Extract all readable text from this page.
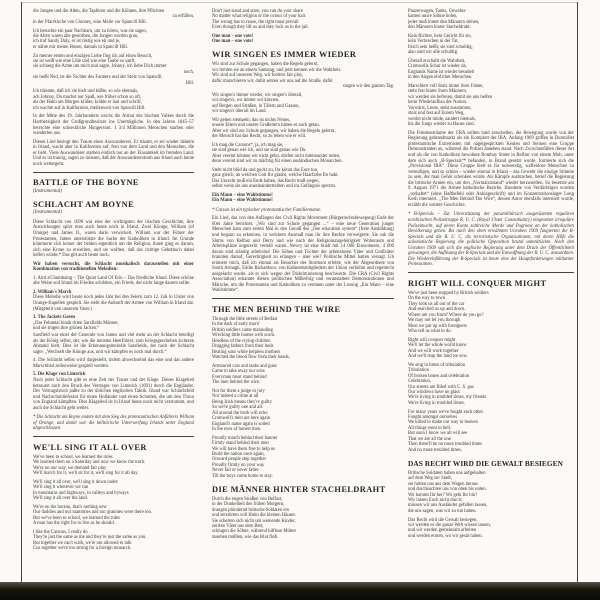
die Jungen und die Alten, die Tapferen und die Kühnen, ihre Pflichten
zu erfüllen,
in der Pfarrkirche von Clooney, eine Meile vor Spancill Hill.
Ich besuchte ein paar Nachbarn, um zu hören, was sie sagen,
die Alten waren alle gestorben, die Jungen wurden grau,
ich traf Sandy Daly, er ist rüstig wie eh und je,
er nähte mir meine Hosen, damals in Spancill Hill.
Zu meiner ersten und einzigen Liebe flog ich auf einen Besuch,
sie ist weiß wie eine Lilie und wie eine Taube so sanft,
sie schlang die Arme um mich und sagte, Johnny, ich liebe Dich immer
noch,
sie heißt Ned, ist die Tochter des Farmers und der Stolz von Spancill
Hill.
Ich träumte, daß ich sie hielt und küßte, so wie ehemals,
ach Johnny, Du machst nur Spaß, wie früher schon so oft,
als der Hahn am Morgen krähte, krähte er laut und schrill,
ich wachte auf in Kalifornien, meilenweit von Spancill Hill.
In der Mitte des 19. Jahrhunderts wuchs die Armut des irischen Volkes durch die Hartherzigkeit der Großgrundbesitzer ins Unerträgliche. In den Jahren 1845–57 herrschte eine schreckliche Hungersnot. 1 3/4 Millionen Menschen starben oder wanderten aus.
Dieses Lied besingt den Traum eines Auswanderers. Er träumt, er sei wieder daheim in Irland, wacht aber in Kalifornien auf, fern von dem Land und den Menschen, die er liebt. Viele Auswanderer starben einfach nur an der Einsamkeit im fremden Land. Und es ist traurig, sagen zu müssen, daß der Auswandererstrom aus Irland auch heute noch weitergeht.
BATTLE OF THE BOYNE
(Instrumental)
SCHLACHT AM BOYNE
(Instrumental)
Diese Schlacht von 1690 war eine der wichtigsten der irischen Geschichte, ihre Auswirkungen spürt man auch heute noch in Irland. Zwei Könige, William (of Orange) und James II., waren darin verwickelt. William war der Führer der Protestanten, James unterstützte die Sache der Katholiken in Irland. Im Grunde kümmerte sich keiner der beiden eigentlich um die Religion, ihnen ging es darum, sich eine Krone zu erwerben, und sie wollten, daß das richtige Gebetbuch dabei helfen würde.* Das gilt auch heute noch.
Wir haben versucht, die Schlacht musikalisch darzustellen mit einer Kombination von traditionellen Melodien:
1. Aird a'Chumhaing – The Quiet Land Of Erin – Das friedliche Irland. Diese schöne alte Weise soll Irland im Frieden schildern, ein Friede, der nicht lange dauern sollte.
2. William's March
Diese Melodie wird heute noch jedes Jahr bei den Feiern zum 12. Juli in Ulster von Orange-Kapellen gespielt. Sie stellt die Ankunft der Armee von William in Irland dar. (Mitgeteilt von unserem Vater.)
3. The Jackets Green
„Das Fehnetal hinab ritten Sarsfields Männer,
und sie trugen ihre grünen Jacken.“
Sarsfield war einer der Generale von James und viel mehr an der Schlacht beteiligt als der König selbst, der, wie die meisten Heerführer, zum Kriegsgeschehen sicheren Abstand hielt. Dies ist die Erkennungsmelodie Sarsfields, der nach der Schlacht sagte: „Wechselt die Könige aus, und wir kämpfen es noch mal durch.“
4. Die Schlacht selbst wird dargestellt, indem abwechselnd das eine und das andere Marschlied zeilenweise gespielt werden.
5. Die Klage von Limerick
Nach jeder Schlacht gibt es eine Zeit der Trauer und der Klage. Dieses Klagelied betrauert auch den Bruch des Vertrages von Limerick (1691) durch die Engländer. Der Vertragsbruch paßte zu der üblichen englischen Taktik. Irland war Schlachtfeld und Nachschublieferant für einen Holländer und einen Schotten, die um den Thron von England kämpften. Dies Klagelied ist in Irland heute noch nicht verstummt, und auch die Schlacht geht weiter.
* Die Schlacht am Boyne endete mit dem Sieg des protestantischen Anführers William of Orange, und damit war die militärische Unterwerfung Irlands unter England abgeschlossen.
WE'LL SING IT ALL OVER
We've been to school, we learned the rules
We learned them on a Saturday and now we know the truth.
We're on our way, we demand fair play
We'll march for it, we'll sit for it, we'll sing for it all day.
We'll sing it all over, we'll sing it down under
We'll sing it wherever we can
In mountains and highways, in valleys and byways
We'll sing it all over the land.
We're on the bureau, that's nothing new
Our daddies and our mammies and our grannies were there too.
But we've been to school, we learned the rules
A man has the right for to live as he should.
I like the Carsons, I really do
They're just the same as me and they're just the same as you.
But together we can't walk, we're not allowed to talk
Cos together we're too strong for a foreign monarch.
Don't just stand and stare, you can do your share
No matter what religion or the colour of your hair.
The wrong has to cease, the right must prevail
Even though they lift us and they lock us in the jail.
One man – one vote!
One man – one vote!
WIR SINGEN ES IMMER WIEDER
Wir sind zur Schule gegangen, haben die Regeln gelernt,
wir lernten sie an einem Samstag, und jetzt kennen wir die Wahrheit.
Wir sind auf unserem Weg, wir fordern fair play,
dafür marschieren wir, dafür setzen wir uns auf die Straße, dafür
singen wir den ganzen Tag.
Wir singen's immer wieder, wir singen's überall,
wir singen's, wo immer wir können,
auf Bergen und Straßen, in Tälern und Gassen,
wir singen's überall im Land.
Wir gehen stempeln, das ist nichts Neues,
unsere Eltern und unsere Großeltern haben es auch getan.
Aber wir sind zur Schule gegangen, wir haben die Regeln gelernt,
der Mensch hat das Recht, so zu leben wie er will.
Ich mag die Carsons*, ja, ich mag sie,
sie sind genau wie ich, und sie sind genau wie Du.
Aber vereint können wir nicht gehn, dürfen nicht miteinander reden,
denn vereint sind wir zu mächtig für einen ausländischen Monarchen.
Steht nicht blöd da und guckt zu, Ihr könnt das Eure tun,
ganz gleich, an welchen Gott Ihr glaubt, welche Haarfarbe Ihr habt.
Das Unrecht muß ein Ende haben, das Recht muß siegen,
selbst wenn sie uns auseinandertreiben und ins Gefängnis sperren.
Ein Mann – eine Wahlstimme!
Ein Mann – eine Wahlstimme!
* Carson ist ein typischer protestantischer Familienname.
Ein Lied, das von den Anfängen des Civil Rights Movement (Bürgerrechtsbewegung) Ende der 60er Jahre berichtet. „Wir sind zur Schule gegangen ...“ – eine neue Generation junger Menschen kam zum ersten Mal in den Genuß des „free education system“ (freie Ausbildung) und begann zu erkennen, in welchem Ausmaß man ihr ihre Rechte verweigerte. Sie sah die Slums von Belfast und Derry und wie nach der Religionszugehörigkeit Wohnraum und Arbeitsplätze ungerecht verteilt waren. Newry ist eine Stadt mit 14 000 Einwohnern, 4 000 davon sind ständig arbeitslos! Die Söhne und Töchter der arbeitslosen Väter und Großväter brannten darauf, Gerechtigkeit zu erlangen – aber wie? Politische Mittel hatten versagt. Ich erinnere mich, daß ich einmal als Besucher des Stormont erlebte, wie der Abgeordnete von South Armagh, Eddie Richardson, von Kabinettsmitgliedern der Union verhöhnt und regelrecht ausgelacht wurde, als er sich wegen der Diskriminierung beschwerte. Die CRA (Civil Rights Association) erkannte diesen politischen Mißerfolg und veranstaltete Demonstrationen und Märsche, um die Protestanten und Katholiken zu vereinen unter der Losung „Ein Mann – eine Wahlstimme“.
THE MEN BEHIND THE WIRE
Through the little streets of Belfast
In the dark of early morn'
British soldiers came marauding
Wrecking little homes with scorn.
Heedless of the crying children
Dragging fathers from their beds
Beating sons while helpless mothers
Watched the blood flow from their heads.
Armoured cars and tanks and guns
Came to take away our sons
Everyman must stand behind
The men behind the wire.
Not for them a judge or jury
Nor indeed a crime at all
Being Irish means they're guilty
So we're guilty one and all.
All around the truth will echo
Cromwell's men are here again
England's name again is soiled
In the eyes of honest men.
Proudly march behind their banner
Firmly stand behind their men
We will have them free to help us
Build the nation once again,
Onward people step together
Proudly firmly on your way
Never fail or never falter
Till the boys come home to stay.
DIE MÄNNER HINTER STACHELDRAHT
Durch die engen Straßen von Belfast,
in der Dunkelheit des frühen Morgens,
drangen plündernd britische Soldaten ein
und zerstörten voll Hohn die kleinen Häuser.
Sie scherten sich nicht um weinende Kinder,
zerrten Väter aus dem Bett,
schlugen die Söhne, während hilflose Mütter
zusehen mußten, wie das Blut floß.
Panzerwagen, Tanks, Gewehre
kamen unsre Söhne holen,
jeder muß hinter den Männern stehen,
den Männern hinter Stacheldraht.
Kein Richter, kein Gericht für sie,
kein Verbrechen in der Tat,
Irisch sein heißt, sie sind schuldig,
also sind wir alle schuldig.
Überall erschallt die Wahrheit,
Cromwells Schar ist wieder da,
Englands Name ist wieder besudelt
in den Augen ehrlicher Menschen.
Marschiert voll Stolz hinter ihrer Fahne,
steht fest hinter ihren Männern,
wir werden sie befreien, damit sie uns helfen
beim Wiederaufbau der Nation.
Vorwärts, Leute, steht zusammen,
stolz und fest auf Eurem Weg,
werdet nicht müde, zaudert niemals,
bis die Jungs wieder zu Hause sind.
Die Friedensträume der CRA sollten bald zerschellen, die Bewegung wurde von der Regierung gebrandmarkt als ein Komplott der IRA. Anfang 1969 griffen in Burntollet protestantische Extremisten mit nägelgespickten Keulen und Steinen eine Gruppe Demonstranten an, während die Polizei daneben stand. Nach Zwischenfällen dieser Art und als die von Katholiken bewohnte Bombay Street in Belfast von einem Mob, unter dem sich auch „B-Specials“* befanden, in Brand gesetzt wurde, formierte sich die „Provisional IRA“. Diese Gruppe hielt es für notwendig, waffenlose Menschen zu verteidigen, und so schien – wieder einmal in Irland – das Gewehr die einzige Stimme zu sein, der man Gehör schenken würde. Als Kämpfe ausbrachen, berief die Regierung die britische Armee ein, um den „Normalzustand“ wieder herzustellen. So besetzte am 9. August 1971 die Armee katholische Bezirke, Hunderte von Verdächtigen wurden „verhaftet“ (ohne Haftbefehl oder Anklageschrift) und im Konzentrationslager Long Kesh interniert. „The Men Behind The Wire“, dessen Autor ebenfalls interniert wurde, erzählt die weitere Geschichte.
* B-Specials – Zur Unterstützung der paramilitärisch ausgerüsteten regulären nordirischen Polizeitruppe R. U. C. (Royal Ulster Constabulary) eingesetzte irreguläre Polizeimacht, auf deren Konto zahlreiche Morde und Pogrome an der katholischen Bevölkerung gehen. Bis nach den oben erwähnten Unruhen 1969 fungierten die B-Specials und die R. U. C. als terroristische Organisationen, mit deren Hilfe die unionistische Regierung die politische Opposition brutal unterdrückte. Nach den Unruhen 1969 sah sich die englische Regierung unter dem Druck der Öffentlichkeit gezwungen, die Auflösung der B-Specials und die Entwaffnung der R. U. C. anzuordnen. Die Wiedereinführung der B-Specials ist heute eine der Hauptforderungen militanter Protestanten.
RIGHT WILL CONQUER MIGHT
We've just been stopped by British soldiers
On the way to town
They took us all out of the car
And searched us up and down.
Where are you from? Where do you go?
We may not let you through
Must we put up with foreigners
Who tell us what to do.
Right will conquer might
We'll let the whole world know
And we will work together
And we'll reap the land we sow.
We sing in times of tribulation
Tribulation
Of broken bones and celebration
Celebration,
Our streets are filled with C. S. gas
Our windows have no glass
We're living in troubled times, my friends
We're living in troubled times.
For many years we've fought each other
Fought amongst ourselves
We killed to make our way to heaven
All things went to hell.
But soon I know we all will see
That we are all the one
Then there'll be no more troubled times
And no more troubled times.
DAS RECHT WIRD DIE GEWALT BESIEGEN
Britische Soldaten haben uns aufgehalten
auf dem Weg zur Stadt,
sie holten uns aus dem Wagen heraus
und durchsuchten uns von oben bis unten.
Wo kommt Ihr her? Wo geht Ihr hin?
Wir lassen Euch nicht durch;
müssen wir uns Ausländer gefallen lassen,
die uns sagen, was wir zu tun haben.
Das Recht wird die Gewalt besiegen,
wir werden es die ganze Welt wissen lassen,
und wir werden gemeinsam arbeiten
und werden ernten, wo wir gesät haben.
